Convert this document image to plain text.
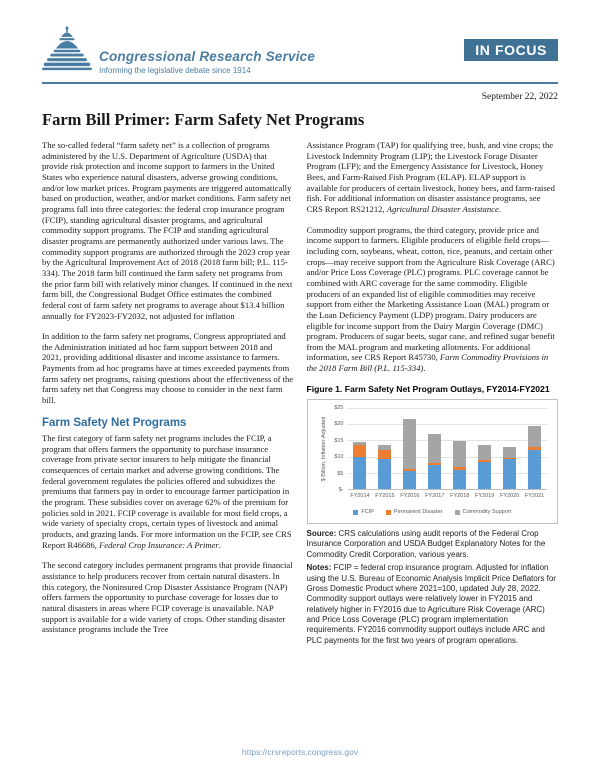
Congressional Research Service
Informing the legislative debate since 1914
IN FOCUS
September 22, 2022
Farm Bill Primer: Farm Safety Net Programs

The so-called federal “farm safety net” is a collection of programs administered by the U.S. Department of Agriculture (USDA) that provide risk protection and income support to farmers in the United States who experience natural disasters, adverse growing conditions, and/or low market prices. Program payments are triggered automatically based on production, weather, and/or market conditions. Farm safety net programs fall into three categories: the federal crop insurance program (FCIP), standing agricultural disaster programs, and agricultural commodity support programs. The FCIP and standing agricultural disaster programs are permanently authorized under various laws. The commodity support programs are authorized through the 2023 crop year by the Agricultural Improvement Act of 2018 (2018 farm bill; P.L. 115-334). The 2018 farm bill continued the farm safety net programs from the prior farm bill with relatively minor changes. If continued in the next farm bill, the Congressional Budget Office estimates the combined federal cost of farm safety net programs to average about $13.4 billion annually for FY2023-FY2032, not adjusted for inflation

In addition to the farm safety net programs, Congress appropriated and the Administration initiated ad hoc farm support between 2018 and 2021, providing additional disaster and income assistance to farmers. Payments from ad hoc programs have at times exceeded payments from farm safety net programs, raising questions about the effectiveness of the farm safety net that Congress may choose to consider in the next farm bill.

Farm Safety Net Programs

The first category of farm safety net programs includes the FCIP, a program that offers farmers the opportunity to purchase insurance coverage from private sector insurers to help mitigate the financial consequences of certain market and adverse growing conditions. The federal government regulates the policies offered and subsidizes the premiums that farmers pay in order to encourage farmer participation in the program. These subsidies cover on average 62% of the premium for policies sold in 2021. FCIP coverage is available for most field crops, a wide variety of specialty crops, certain types of livestock and animal products, and grazing lands. For more information on the FCIP, see CRS Report R46686, Federal Crop Insurance: A Primer.

The second category includes permanent programs that provide financial assistance to help producers recover from certain natural disasters. In this category, the Noninsured Crop Disaster Assistance Program (NAP) offers farmers the opportunity to purchase coverage for losses due to natural disasters in areas where FCIP coverage is unavailable. NAP support is available for a wide variety of crops. Other standing disaster assistance programs include the Tree

Assistance Program (TAP) for qualifying tree, bush, and vine crops; the Livestock Indemnity Program (LIP); the Livestock Forage Disaster Program (LFP); and the Emergency Assistance for Livestock, Honey Bees, and Farm-Raised Fish Program (ELAP). ELAP support is available for producers of certain livestock, honey bees, and farm-raised fish. For additional information on disaster assistance programs, see CRS Report RS21212, Agricultural Disaster Assistance.

Commodity support programs, the third category, provide price and income support to farmers. Eligible producers of eligible field crops—including corn, soybeans, wheat, cotton, rice, peanuts, and certain other crops—may receive support from the Agriculture Risk Coverage (ARC) and/or Price Loss Coverage (PLC) programs. PLC coverage cannot be combined with ARC coverage for the same commodity. Eligible producers of an expanded list of eligible commodities may receive support from either the Marketing Assistance Loan (MAL) program or the Loan Deficiency Payment (LDP) program. Dairy producers are eligible for income support from the Dairy Margin Coverage (DMC) program. Producers of sugar beets, sugar cane, and refined sugar benefit from the MAL program and marketing allotments. For additional information, see CRS Report R45730, Farm Commodity Provisions in the 2018 Farm Bill (P.L. 115-334).

Figure 1. Farm Safety Net Program Outlays, FY2014-FY2021
$ Billion, Inflation-Adjusted
FY2014	FY2015	FY2016	FY2017	FY2018	FY2019	FY2020	FY2021
FCIP	Permanent Disaster	Commodity Support
$25
$20
$15
$10
$5
$-

Source: CRS calculations using audit reports of the Federal Crop Insurance Corporation and USDA Budget Explanatory Notes for the Commodity Credit Corporation, various years.

Notes: FCIP = federal crop insurance program. Adjusted for inflation using the U.S. Bureau of Economic Analysis Implicit Price Deflators for Gross Domestic Product where 2021=100, updated July 28, 2022. Commodity support outlays were relatively lower in FY2015 and relatively higher in FY2016 due to Agriculture Risk Coverage (ARC) and Price Loss Coverage (PLC) program implementation requirements. FY2016 commodity support outlays include ARC and PLC payments for the first two years of program operations.

https://crsreports.congress.gov
